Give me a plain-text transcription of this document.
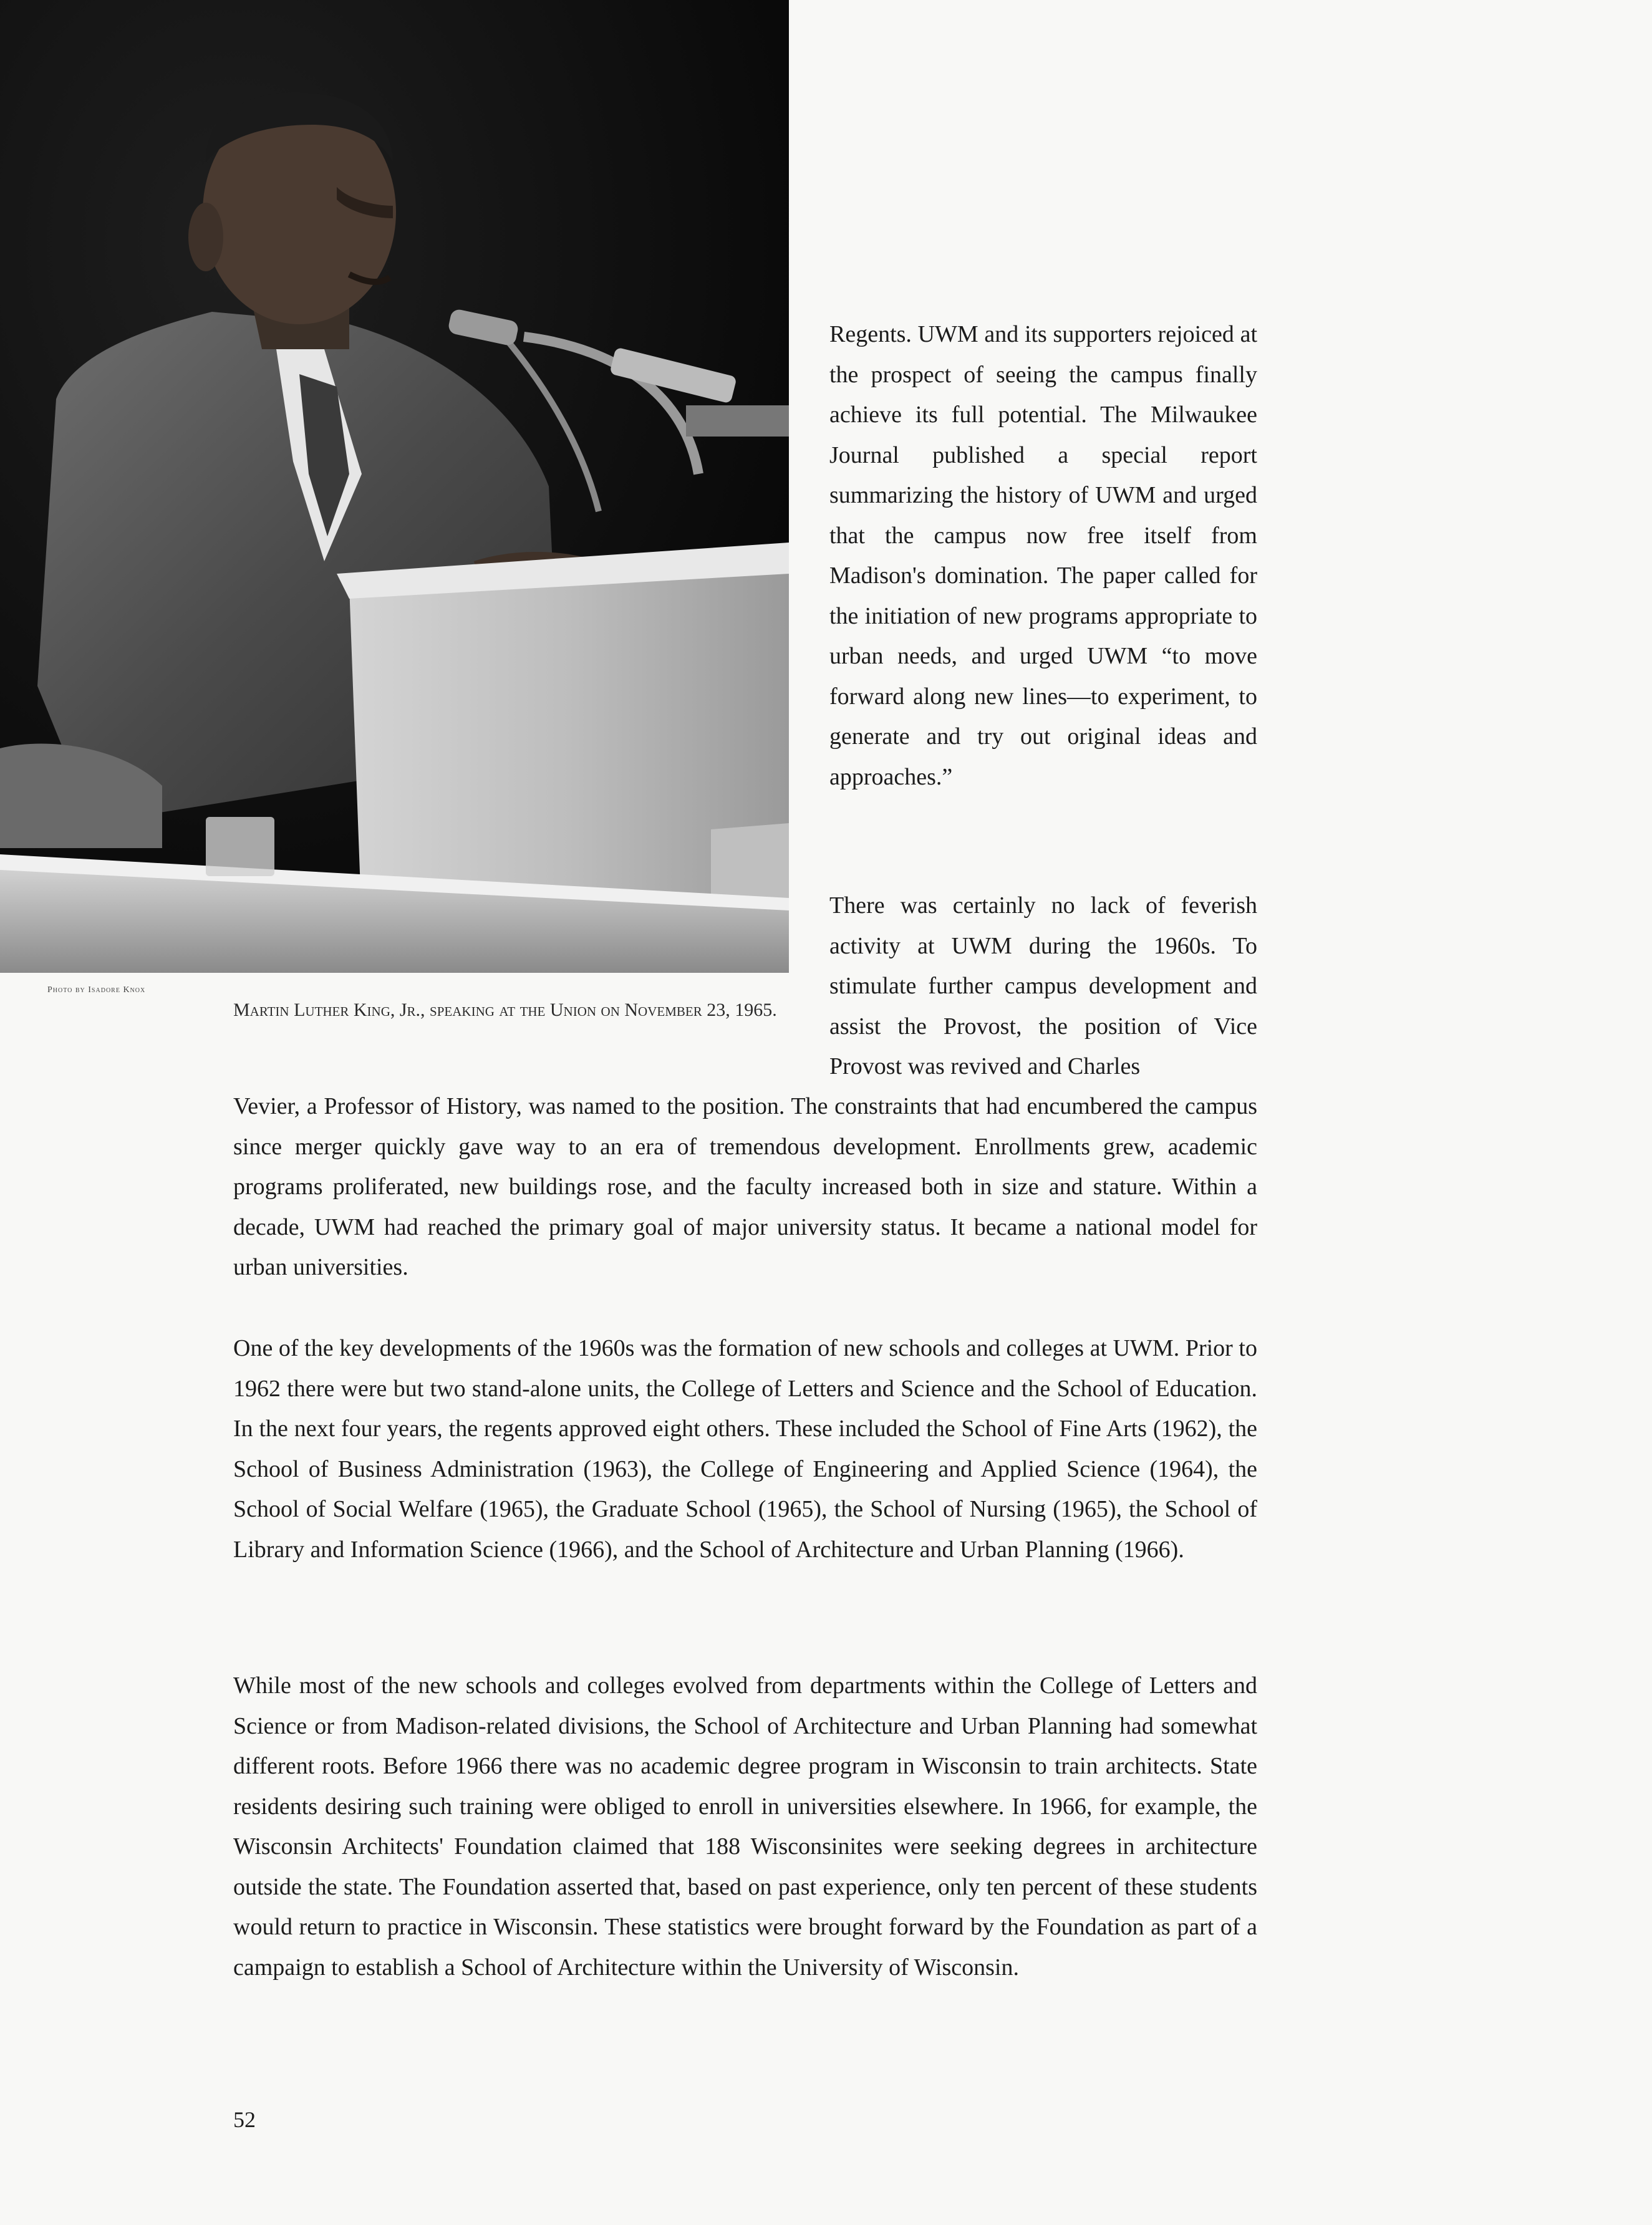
Photo by Isadore Knox
Martin Luther King, Jr., speaking at the Union on November 23, 1965.

Regents. UWM and its supporters rejoiced at the prospect of seeing the campus finally achieve its full potential. The Milwaukee Journal published a special report summarizing the history of UWM and urged that the campus now free itself from Madison's domination. The paper called for the initiation of new programs appropriate to urban needs, and urged UWM “to move forward along new lines—to experiment, to generate and try out original ideas and approaches.”

There was certainly no lack of feverish activity at UWM during the 1960s. To stimulate further campus development and assist the Provost, the position of Vice Provost was revived and Charles

Vevier, a Professor of History, was named to the position. The constraints that had encumbered the campus since merger quickly gave way to an era of tremendous development. Enrollments grew, academic programs proliferated, new buildings rose, and the faculty increased both in size and stature. Within a decade, UWM had reached the primary goal of major university status. It became a national model for urban universities.

One of the key developments of the 1960s was the formation of new schools and colleges at UWM. Prior to 1962 there were but two stand-alone units, the College of Letters and Science and the School of Education. In the next four years, the regents approved eight others. These included the School of Fine Arts (1962), the School of Business Administration (1963), the College of Engineering and Applied Science (1964), the School of Social Welfare (1965), the Graduate School (1965), the School of Nursing (1965), the School of Library and Information Science (1966), and the School of Architecture and Urban Planning (1966).

While most of the new schools and colleges evolved from departments within the College of Letters and Science or from Madison-related divisions, the School of Architecture and Urban Planning had somewhat different roots. Before 1966 there was no academic degree program in Wisconsin to train architects. State residents desiring such training were obliged to enroll in universities elsewhere. In 1966, for example, the Wisconsin Architects' Foundation claimed that 188 Wisconsinites were seeking degrees in architecture outside the state. The Foundation asserted that, based on past experience, only ten percent of these students would return to practice in Wisconsin. These statistics were brought forward by the Foundation as part of a campaign to establish a School of Architecture within the University of Wisconsin.

52
